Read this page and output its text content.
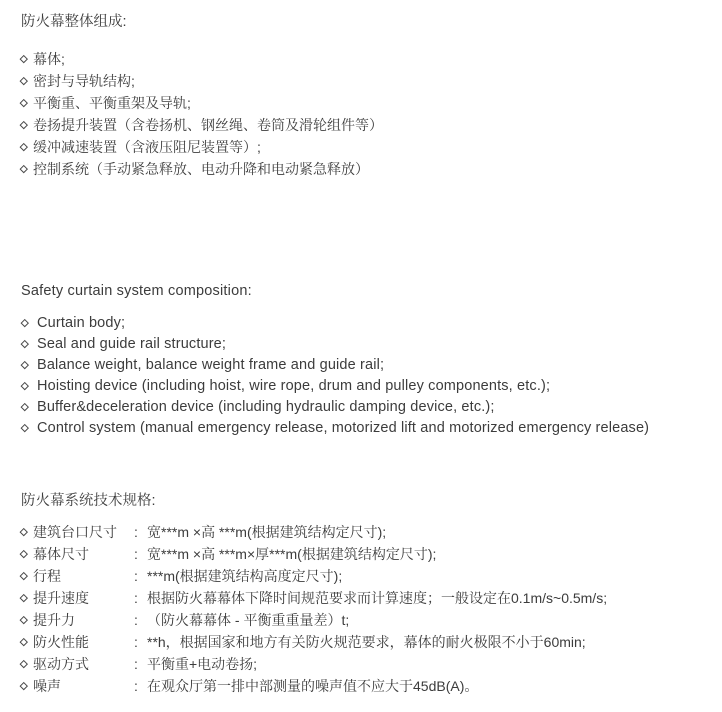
防火幕整体组成:
幕体;
密封与导轨结构;
平衡重、平衡重架及导轨;
卷扬提升装置（含卷扬机、钢丝绳、卷筒及滑轮组件等）
缓冲减速装置（含液压阻尼装置等）;
控制系统（手动紧急释放、电动升降和电动紧急释放）
Safety curtain system composition:
Curtain body;
Seal and guide rail structure;
Balance weight, balance weight frame and guide rail;
Hoisting device (including hoist, wire rope, drum and pulley components, etc.);
Buffer&deceleration device (including hydraulic damping device, etc.);
Control system (manual emergency release, motorized lift and motorized emergency release)
防火幕系统技术规格:
建筑台口尺寸	: 宽***m ×高 ***m(根据建筑结构定尺寸);
幕体尺寸	: 宽***m ×高 ***m×厚***m(根据建筑结构定尺寸);
行程	: ***m(根据建筑结构高度定尺寸);
提升速度	: 根据防火幕幕体下降时间规范要求而计算速度；一般设定在0.1m/s~0.5m/s;
提升力	: （防火幕幕体 - 平衡重重量差）t;
防火性能	: **h，根据国家和地方有关防火规范要求，幕体的耐火极限不小于60min;
驱动方式	: 平衡重+电动卷扬;
噪声	: 在观众厅第一排中部测量的噪声值不应大于45dB(A)。
